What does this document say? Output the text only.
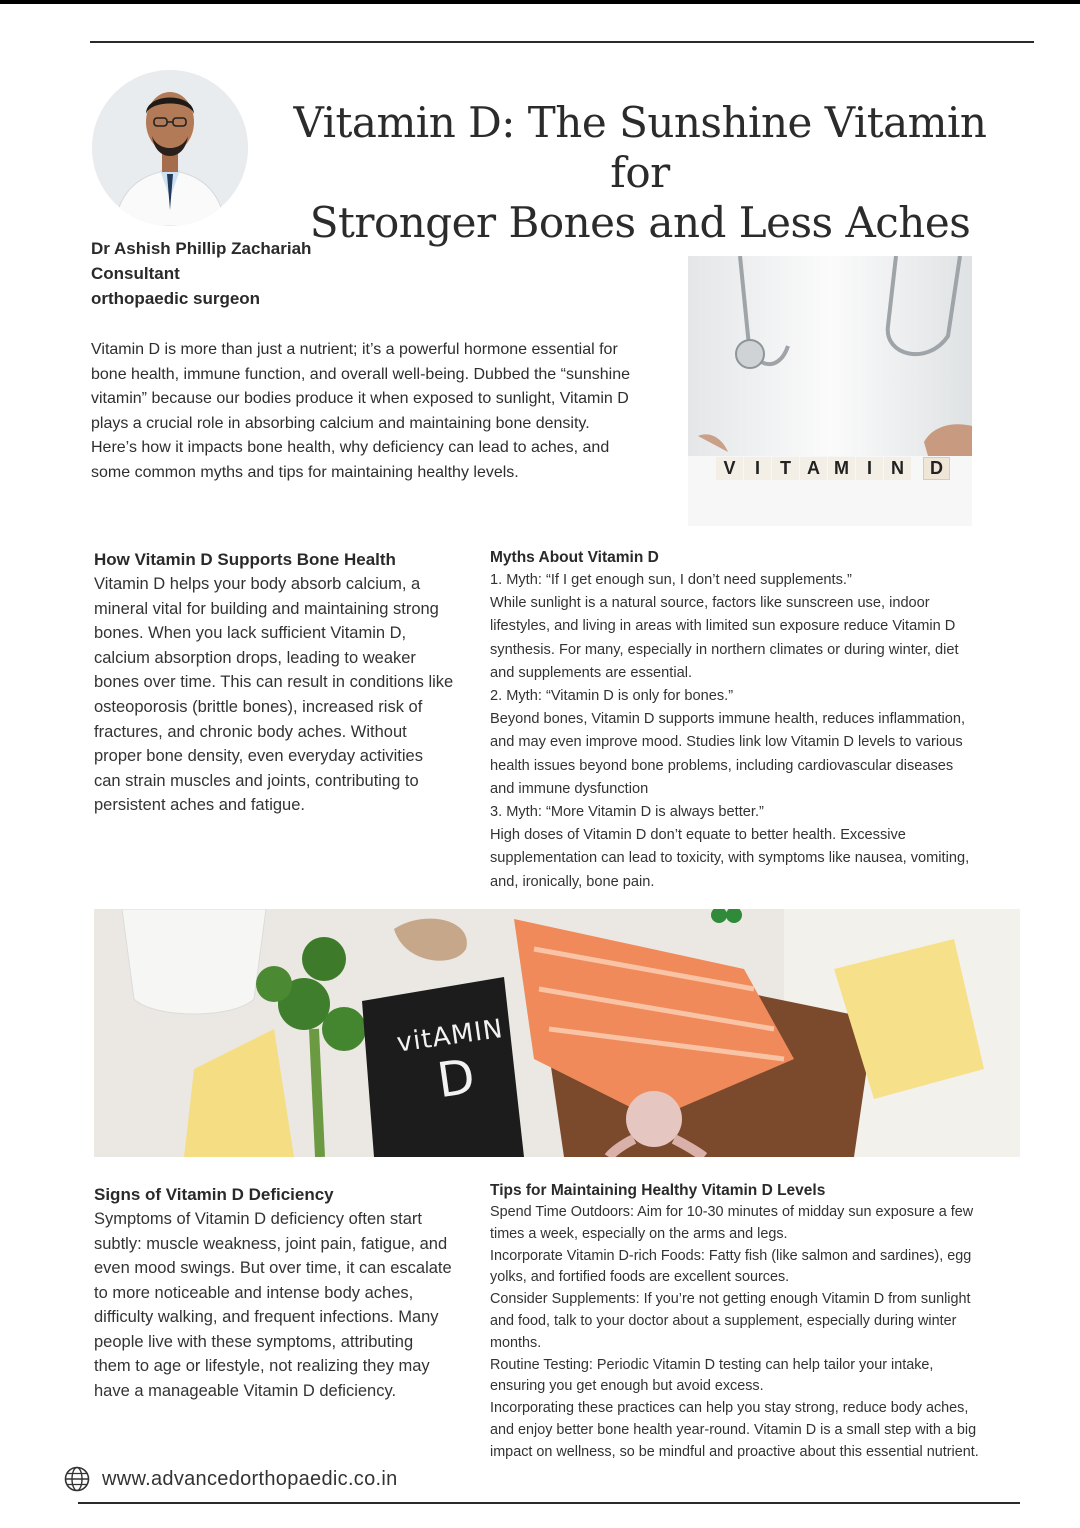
Vitamin D: The Sunshine Vitamin for
Stronger Bones and Less Aches
Dr Ashish Phillip Zachariah
Consultant
orthopaedic surgeon

Vitamin D is more than just a nutrient; it’s a powerful hormone essential for bone health, immune function, and overall well-being. Dubbed the “sunshine vitamin” because our bodies produce it when exposed to sunlight, Vitamin D plays a crucial role in absorbing calcium and maintaining bone density. Here’s how it impacts bone health, why deficiency can lead to aches, and some common myths and tips for maintaining healthy levels.	V	I	T A M I	N	D
How Vitamin D Supports Bone Health

Vitamin D helps your body absorb calcium, a mineral vital for building and maintaining strong bones. When you lack sufficient Vitamin D, calcium absorption drops, leading to weaker bones over time. This can result in conditions like osteoporosis (brittle bones), increased risk of fractures, and chronic body aches. Without proper bone density, even everyday activities can strain muscles and joints, contributing to persistent aches and fatigue.

Myths About Vitamin D
1. Myth: “If I get enough sun, I don’t need supplements.”
While sunlight is a natural source, factors like sunscreen use, indoor
lifestyles, and living in areas with limited sun exposure reduce Vitamin D
synthesis. For many, especially in northern climates or during winter, diet
and supplements are essential.
2. Myth: “Vitamin D is only for bones.”
Beyond bones, Vitamin D supports immune health, reduces inflammation,
and may even improve mood. Studies link low Vitamin D levels to various
health issues beyond bone problems, including cardiovascular diseases
and immune dysfunction
3. Myth: “More Vitamin D is always better.”
High doses of Vitamin D don’t equate to better health. Excessive
supplementation can lead to toxicity, with symptoms like nausea, vomiting,
and, ironically, bone pain.
vitAMIN
D
Signs of Vitamin D Deficiency

Symptoms of Vitamin D deficiency often start subtly: muscle weakness, joint pain, fatigue, and even mood swings. But over time, it can escalate to more noticeable and intense body aches, difficulty walking, and frequent infections. Many people live with these symptoms, attributing them to age or lifestyle, not realizing they may have a manageable Vitamin D deficiency.

Tips for Maintaining Healthy Vitamin D Levels
Spend Time Outdoors: Aim for 10-30 minutes of midday sun exposure a few
times a week, especially on the arms and legs.
Incorporate Vitamin D-rich Foods: Fatty fish (like salmon and sardines), egg
yolks, and fortified foods are excellent sources.
Consider Supplements: If you’re not getting enough Vitamin D from sunlight
and food, talk to your doctor about a supplement, especially during winter
months.
Routine Testing: Periodic Vitamin D testing can help tailor your intake,
ensuring you get enough but avoid excess.
Incorporating these practices can help you stay strong, reduce body aches,
and enjoy better bone health year-round. Vitamin D is a small step with a big
impact on wellness, so be mindful and proactive about this essential nutrient.
www.advancedorthopaedic.co.in
